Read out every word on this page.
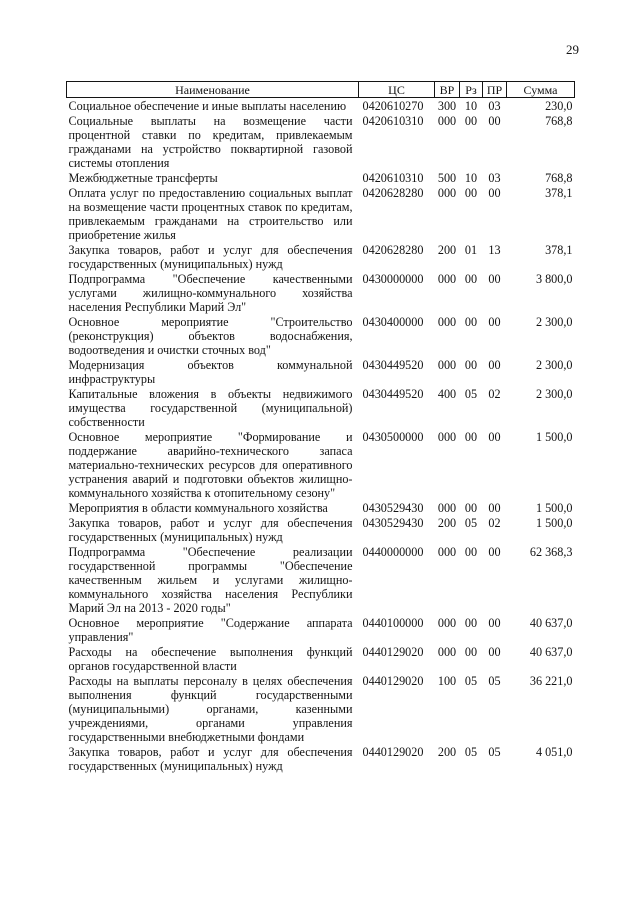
29
Наименование	ЦС	ВР	Рз	ПР	Сумма
Социальное обеспечение и иные выплаты населению	0420610270	300	10	03	230,0
Социальные выплаты на возмещение части процентной ставки по кредитам, привлекаемым гражданами на устройство поквартирной газовой системы отопления	0420610310	000	00	00	768,8
Межбюджетные трансферты	0420610310	500	10	03	768,8
Оплата услуг по предоставлению социальных выплат на возмещение части процентных ставок по кредитам, привлекаемым гражданами на строительство или приобретение жилья	0420628280	000	00	00	378,1
Закупка товаров, работ и услуг для обеспечения государственных (муниципальных) нужд	0420628280	200	01	13	378,1
Подпрограмма "Обеспечение качественными услугами жилищно-коммунального хозяйства населения Республики Марий Эл"	0430000000	000	00	00	3 800,0
Основное мероприятие "Строительство (реконструкция) объектов водоснабжения, водоотведения и очистки сточных вод"	0430400000	000	00	00	2 300,0
Модернизация объектов коммунальной инфраструктуры	0430449520	000	00	00	2 300,0
Капитальные вложения в объекты недвижимого имущества государственной (муниципальной) собственности	0430449520	400	05	02	2 300,0
Основное мероприятие "Формирование и поддержание аварийно-технического запаса материально-технических ресурсов для оперативного устранения аварий и подготовки объектов жилищно-коммунального хозяйства к отопительному сезону"	0430500000	000	00	00	1 500,0
Мероприятия в области коммунального хозяйства	0430529430	000	00	00	1 500,0
Закупка товаров, работ и услуг для обеспечения государственных (муниципальных) нужд	0430529430	200	05	02	1 500,0
Подпрограмма "Обеспечение реализации государственной программы "Обеспечение качественным жильем и услугами жилищно-коммунального хозяйства населения Республики Марий Эл на 2013 - 2020 годы"	0440000000	000	00	00	62 368,3
Основное мероприятие "Содержание аппарата управления"	0440100000	000	00	00	40 637,0
Расходы на обеспечение выполнения функций органов государственной власти	0440129020	000	00	00	40 637,0
Расходы на выплаты персоналу в целях обеспечения выполнения функций государственными (муниципальными) органами, казенными учреждениями, органами управления государственными внебюджетными фондами	0440129020	100	05	05	36 221,0
Закупка товаров, работ и услуг для обеспечения государственных (муниципальных) нужд	0440129020	200	05	05	4 051,0
